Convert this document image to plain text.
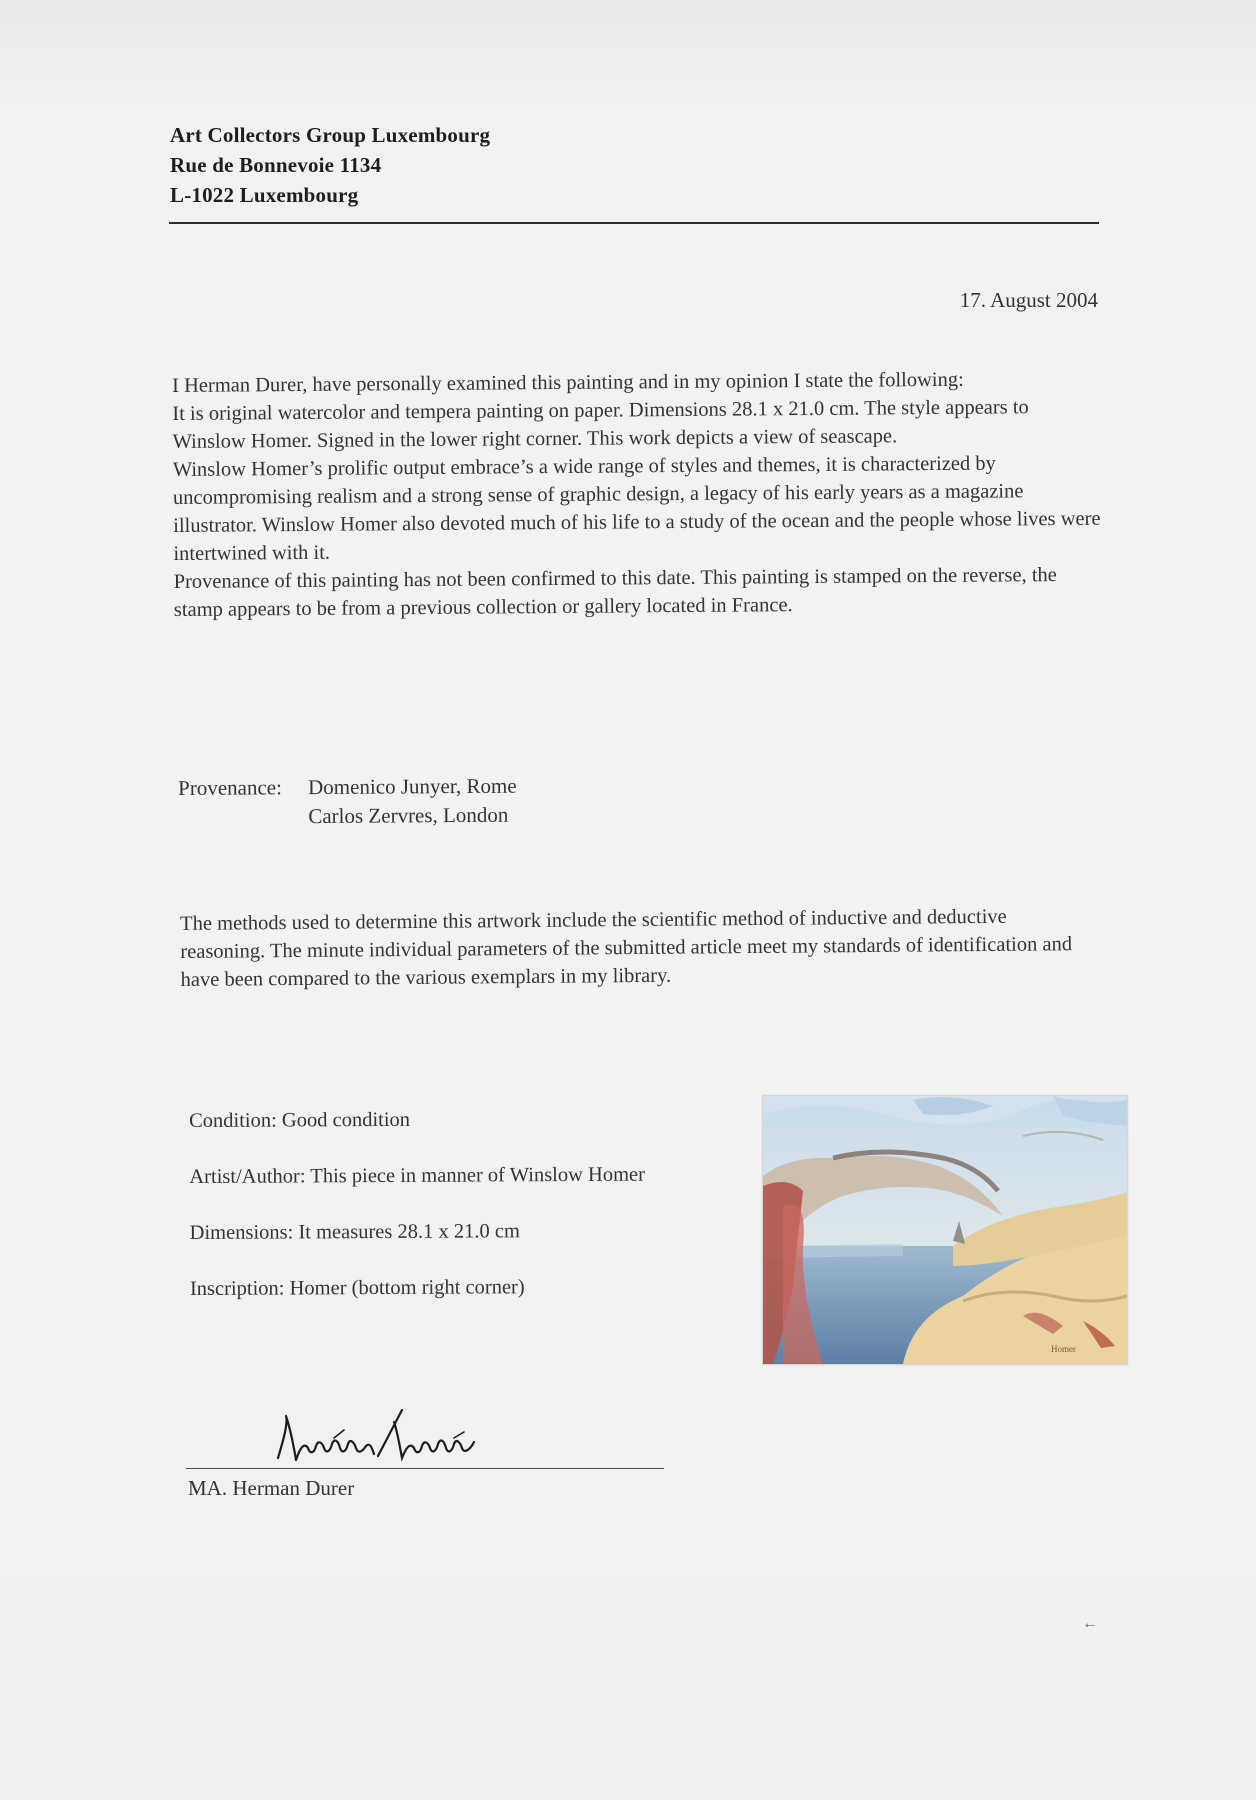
Art Collectors Group Luxembourg
Rue de Bonnevoie 1134
L-1022 Luxembourg
17. August 2004

I Herman Durer, have personally examined this painting and in my opinion I state the following:

It is original watercolor and tempera painting on paper. Dimensions 28.1 x 21.0 cm. The style appears to Winslow Homer. Signed in the lower right corner. This work depicts a view of seascape.

Winslow Homer’s prolific output embrace’s a wide range of styles and themes, it is characterized by uncompromising realism and a strong sense of graphic design, a legacy of his early years as a magazine illustrator. Winslow Homer also devoted much of his life to a study of the ocean and the people whose lives were intertwined with it.

Provenance of this painting has not been confirmed to this date. This painting is stamped on the reverse, the stamp appears to be from a previous collection or gallery located in France.

Provenance:	Domenico Junyer, Rome
Carlos Zervres, London
The methods used to determine this artwork include the scientific method of inductive and deductive reasoning. The minute individual parameters of the submitted article meet my standards of identification and have been compared to the various exemplars in my library.
Condition: Good condition
Artist/Author: This piece in manner of Winslow Homer
Dimensions: It measures 28.1 x 21.0 cm
Inscription: Homer (bottom right corner)
Homer
MA. Herman Durer
←
